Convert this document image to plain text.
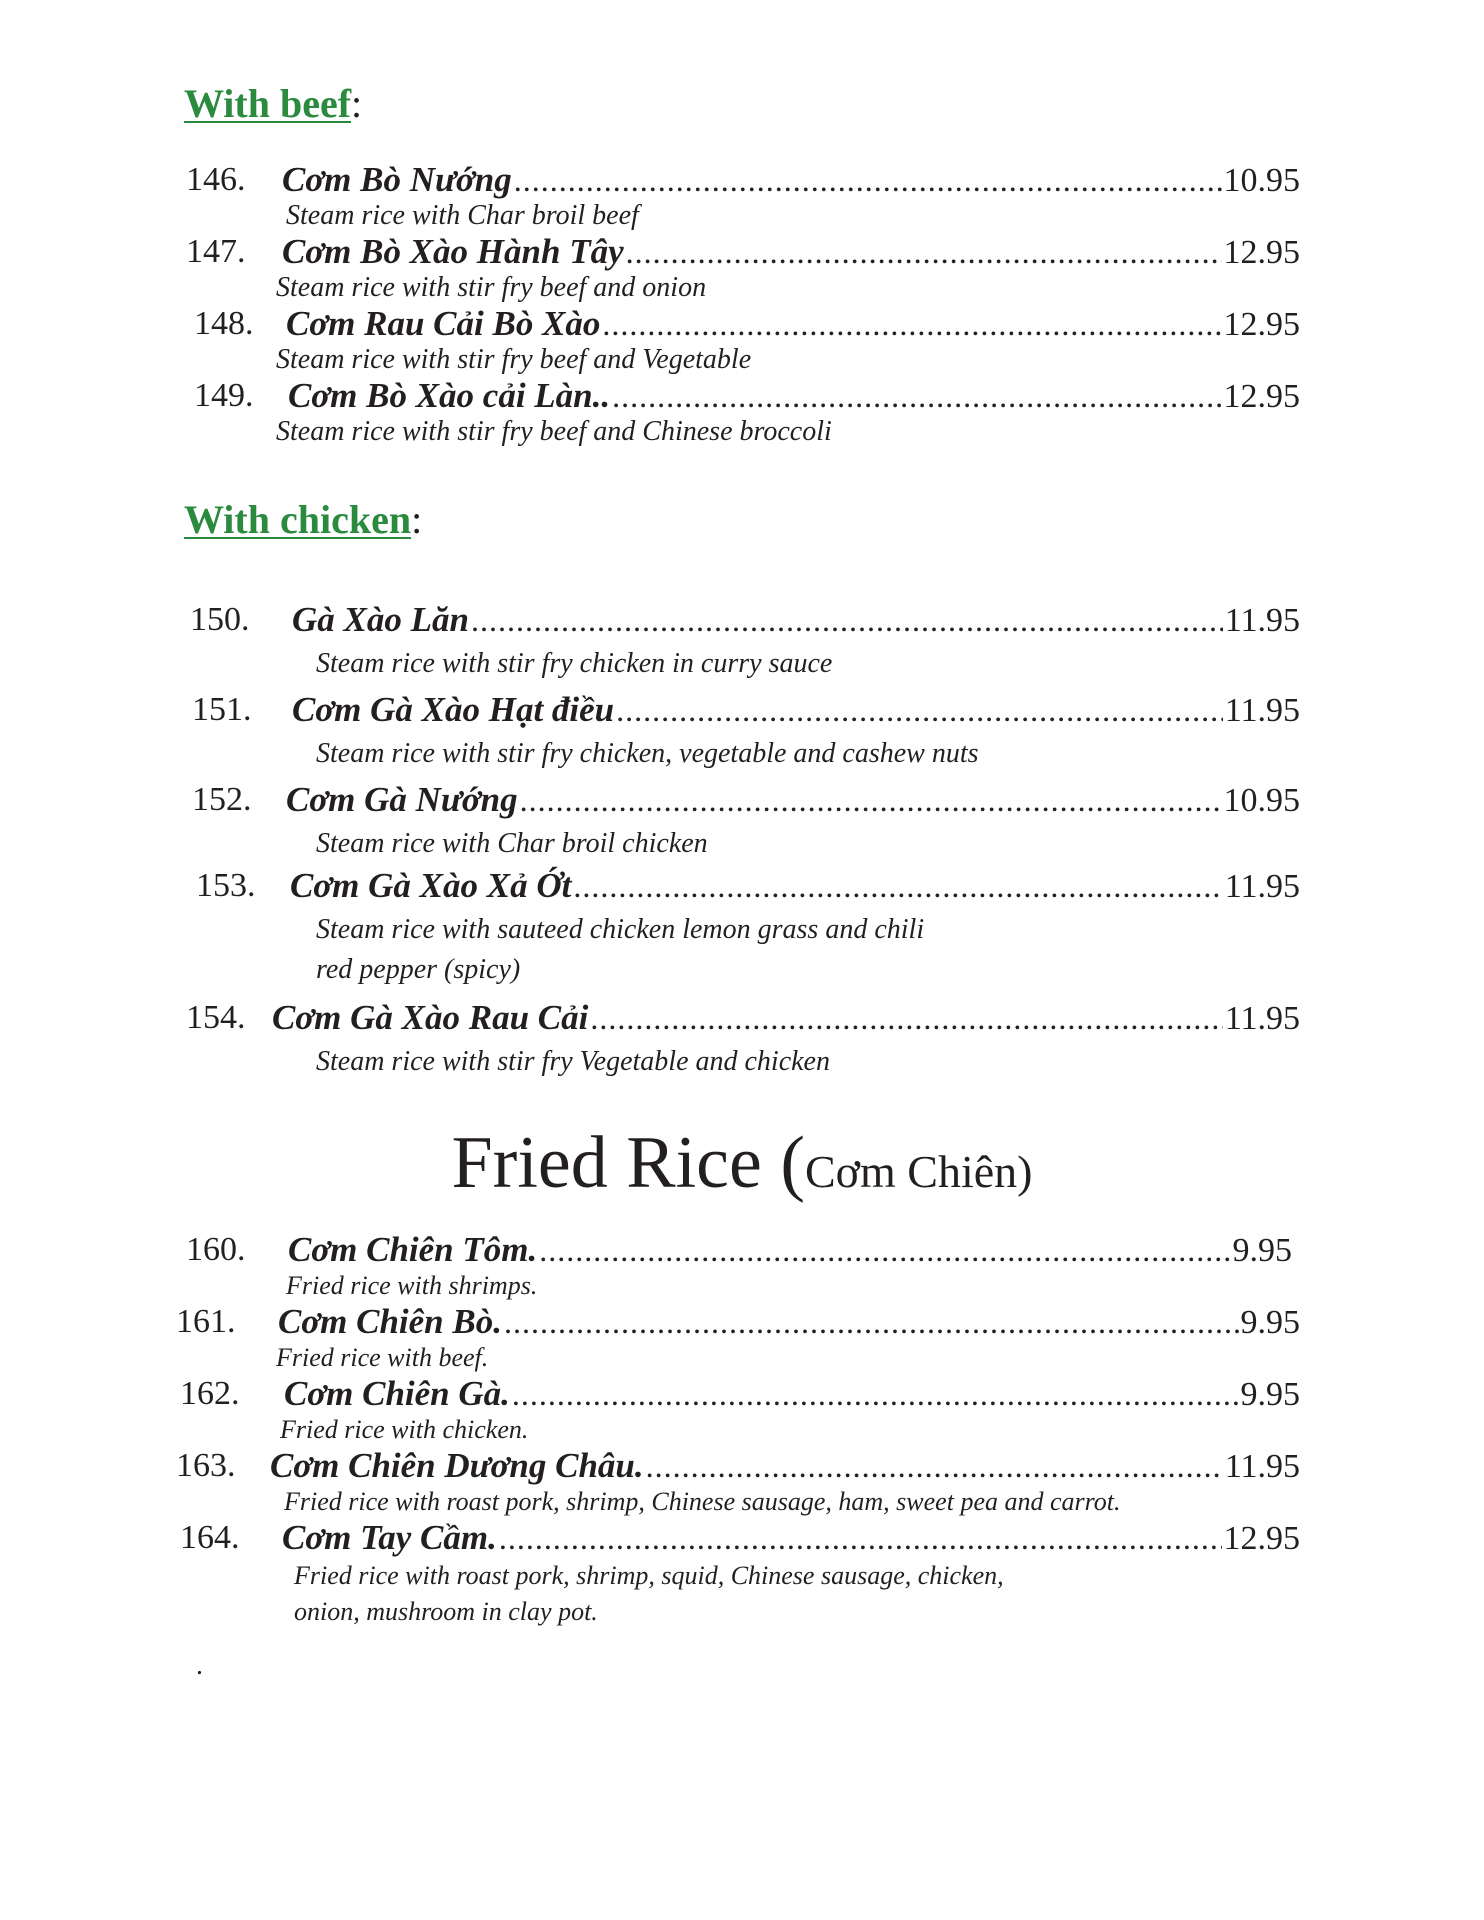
With beef:
146. Cơm Bò Nướng .....	10.95
Steam rice with Char broil beef
147. Cơm Bò Xào Hành Tây .....	12.95
Steam rice with stir fry beef and onion
148. Cơm Rau Cải Bò Xào .....	12.95
Steam rice with stir fry beef and Vegetable
149. Cơm Bò Xào cải Làn.. .....	12.95
Steam rice with stir fry beef and Chinese broccoli
With chicken:
150. Gà Xào Lăn .....	11.95
Steam rice with stir fry chicken in curry sauce
151. Cơm Gà Xào Hạt điều .....	11.95
Steam rice with stir fry chicken, vegetable and cashew nuts
152. Cơm Gà Nướng .....	10.95
Steam rice with Char broil chicken
153. Cơm Gà Xào Xả Ớt .....	11.95
Steam rice with sauteed chicken lemon grass and chili
red pepper (spicy)
154. Cơm Gà Xào Rau Cải .....	11.95
Steam rice with stir fry Vegetable and chicken
Fried Rice (Cơm Chiên)
160. Cơm Chiên Tôm. .....	9.95
Fried rice with shrimps.
161. Cơm Chiên Bò. .....	9.95
Fried rice with beef.
162. Cơm Chiên Gà. .....	9.95
Fried rice with chicken.
163. Cơm Chiên Dương Châu. .....	11.95
Fried rice with roast pork, shrimp, Chinese sausage, ham, sweet pea and carrot.
164. Cơm Tay Cầm. .....	12.95
Fried rice with roast pork, shrimp, squid, Chinese sausage, chicken,
onion, mushroom in clay pot.
.
